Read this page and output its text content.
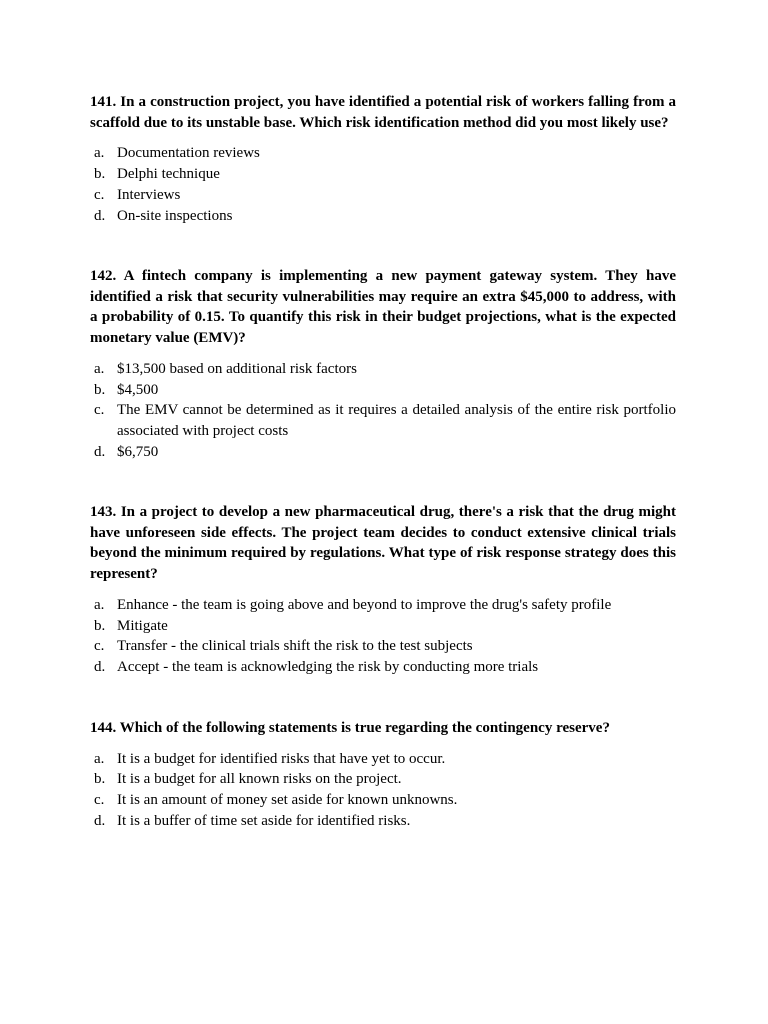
141. In a construction project, you have identified a potential risk of workers falling from a scaffold due to its unstable base. Which risk identification method did you most likely use?

a. Documentation reviews
b. Delphi technique
c. Interviews
d. On-site inspections

142. A fintech company is implementing a new payment gateway system. They have identified a risk that security vulnerabilities may require an extra $45,000 to address, with a probability of 0.15. To quantify this risk in their budget projections, what is the expected monetary value (EMV)?

a. $13,500 based on additional risk factors
b. $4,500
c. The EMV cannot be determined as it requires a detailed analysis of the entire risk portfolio associated with project costs
d. $6,750

143. In a project to develop a new pharmaceutical drug, there's a risk that the drug might have unforeseen side effects. The project team decides to conduct extensive clinical trials beyond the minimum required by regulations. What type of risk response strategy does this represent?

a. Enhance - the team is going above and beyond to improve the drug's safety profile
b. Mitigate
c. Transfer - the clinical trials shift the risk to the test subjects
d. Accept - the team is acknowledging the risk by conducting more trials

144. Which of the following statements is true regarding the contingency reserve?

a. It is a budget for identified risks that have yet to occur.
b. It is a budget for all known risks on the project.
c. It is an amount of money set aside for known unknowns.
d. It is a buffer of time set aside for identified risks.
